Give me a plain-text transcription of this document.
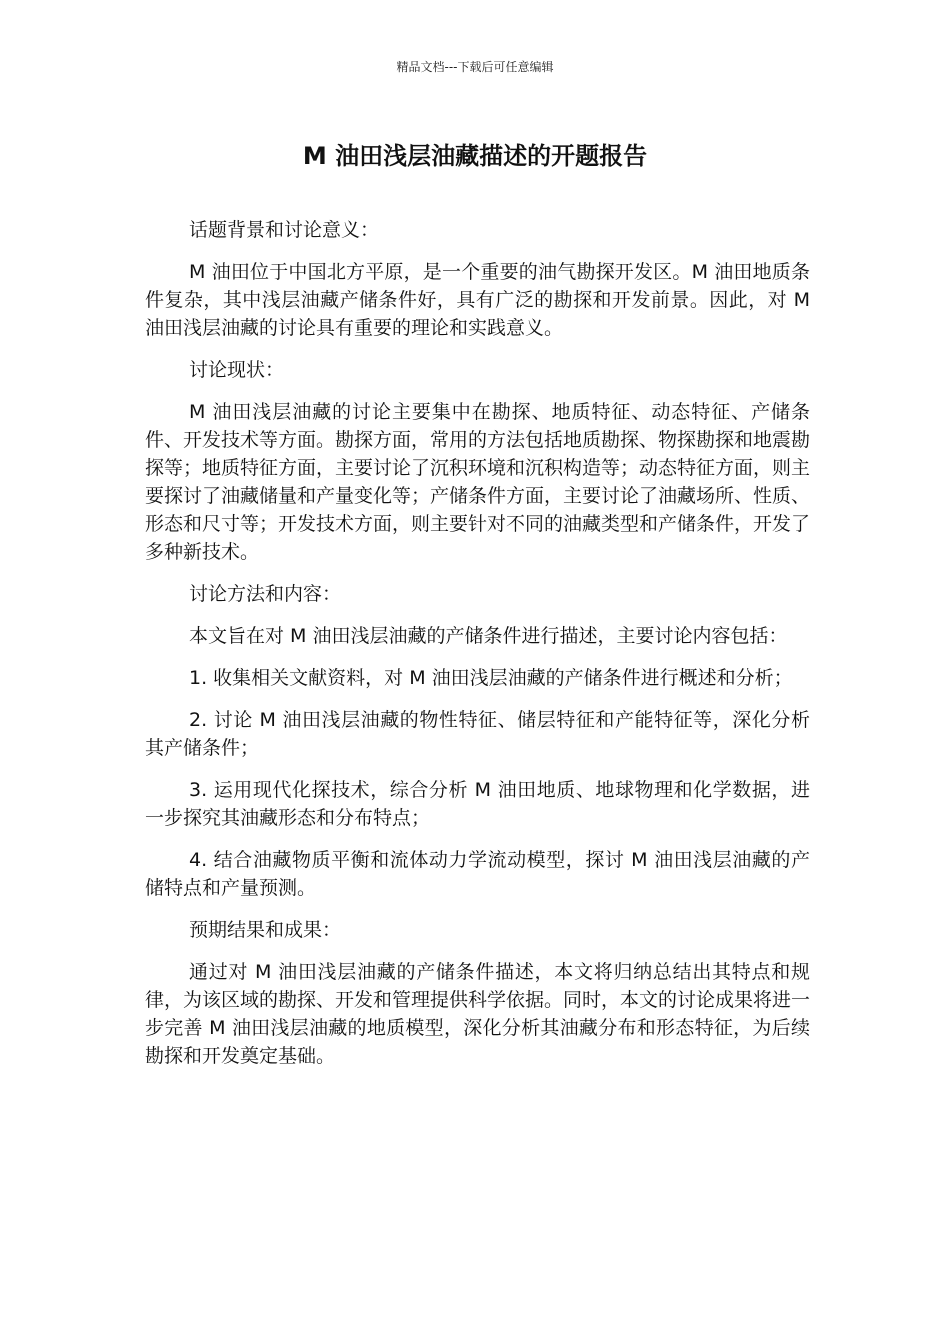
精品文档---下载后可任意编辑
M 油田浅层油藏描述的开题报告

话题背景和讨论意义：

M 油田位于中国北方平原，是一个重要的油气勘探开发区。M 油田地质条件复杂，其中浅层油藏产储条件好，具有广泛的勘探和开发前景。因此，对 M 油田浅层油藏的讨论具有重要的理论和实践意义。

讨论现状：

M 油田浅层油藏的讨论主要集中在勘探、地质特征、动态特征、产储条件、开发技术等方面。勘探方面，常用的方法包括地质勘探、物探勘探和地震勘探等；地质特征方面，主要讨论了沉积环境和沉积构造等；动态特征方面，则主要探讨了油藏储量和产量变化等；产储条件方面，主要讨论了油藏场所、性质、形态和尺寸等；开发技术方面，则主要针对不同的油藏类型和产储条件，开发了多种新技术。

讨论方法和内容：

本文旨在对 M 油田浅层油藏的产储条件进行描述，主要讨论内容包括：

1. 收集相关文献资料，对 M 油田浅层油藏的产储条件进行概述和分析；

2. 讨论 M 油田浅层油藏的物性特征、储层特征和产能特征等，深化分析其产储条件；

3. 运用现代化探技术，综合分析 M 油田地质、地球物理和化学数据，进一步探究其油藏形态和分布特点；

4. 结合油藏物质平衡和流体动力学流动模型，探讨 M 油田浅层油藏的产储特点和产量预测。

预期结果和成果：

通过对 M 油田浅层油藏的产储条件描述，本文将归纳总结出其特点和规律，为该区域的勘探、开发和管理提供科学依据。同时，本文的讨论成果将进一步完善 M 油田浅层油藏的地质模型，深化分析其油藏分布和形态特征，为后续勘探和开发奠定基础。
